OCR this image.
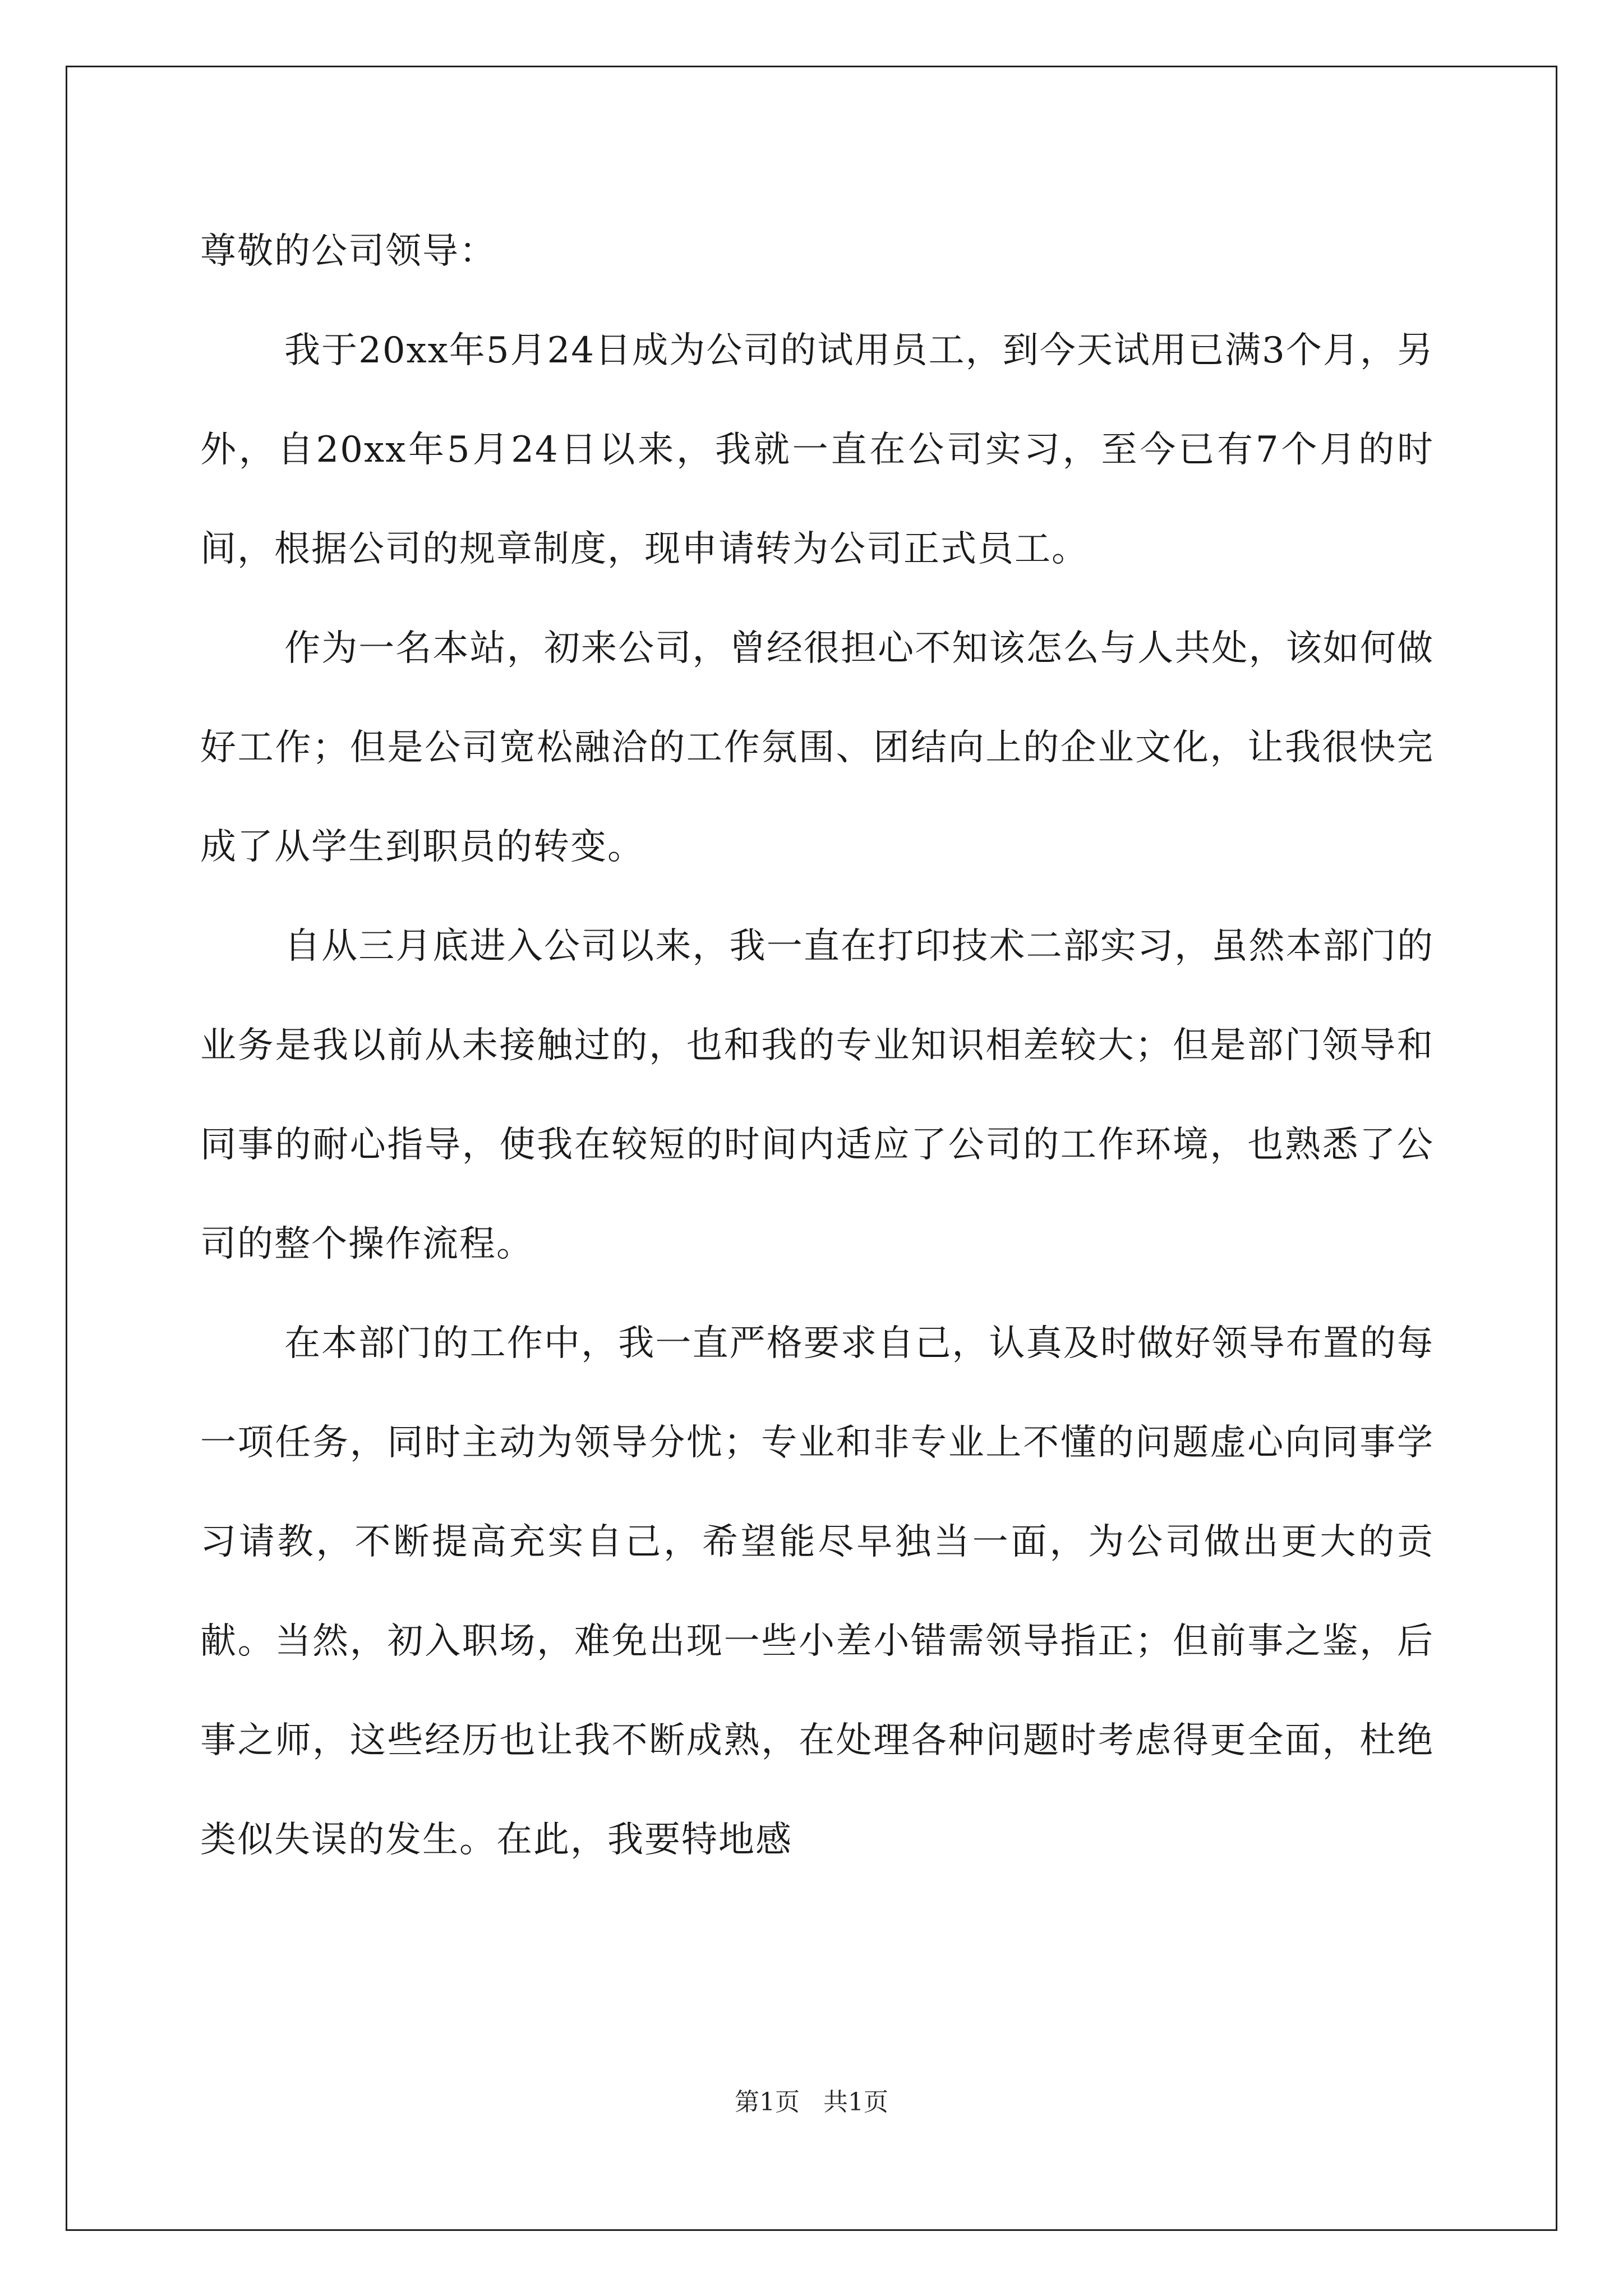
尊敬的公司领导：

我于20xx年5月24日成为公司的试用员工，到今天试用已满3个月，另外，自20xx年5月24日以来，我就一直在公司实习，至今已有7个月的时间，根据公司的规章制度，现申请转为公司正式员工。

作为一名本站，初来公司，曾经很担心不知该怎么与人共处，该如何做好工作；但是公司宽松融洽的工作氛围、团结向上的企业文化，让我很快完成了从学生到职员的转变。

自从三月底进入公司以来，我一直在打印技术二部实习，虽然本部门的业务是我以前从未接触过的，也和我的专业知识相差较大；但是部门领导和同事的耐心指导，使我在较短的时间内适应了公司的工作环境，也熟悉了公司的整个操作流程。

在本部门的工作中，我一直严格要求自己，认真及时做好领导布置的每一项任务，同时主动为领导分忧；专业和非专业上不懂的问题虚心向同事学习请教，不断提高充实自己，希望能尽早独当一面，为公司做出更大的贡献。当然，初入职场，难免出现一些小差小错需领导指正；但前事之鉴，后事之师，这些经历也让我不断成熟，在处理各种问题时考虑得更全面，杜绝类似失误的发生。在此，我要特地感

第1页 共1页
